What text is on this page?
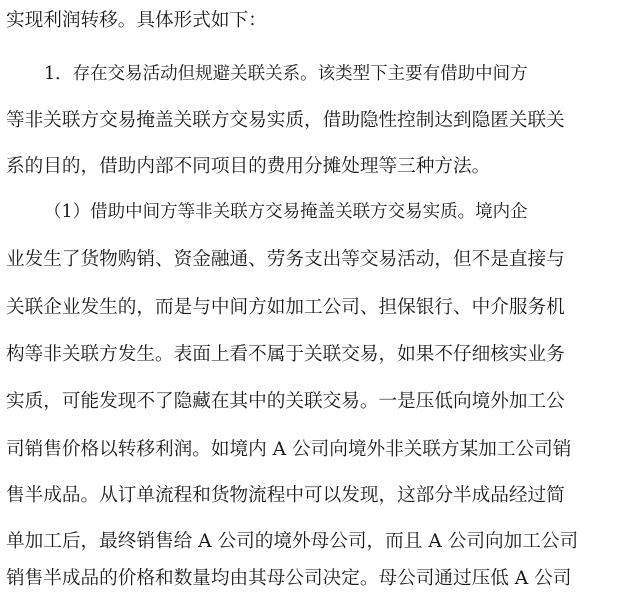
实现利润转移。具体形式如下：
1．存在交易活动但规避关联关系。该类型下主要有借助中间方
等非关联方交易掩盖关联方交易实质，借助隐性控制达到隐匿关联关
系的目的，借助内部不同项目的费用分摊处理等三种方法。
（1）借助中间方等非关联方交易掩盖关联方交易实质。境内企
业发生了货物购销、资金融通、劳务支出等交易活动，但不是直接与
关联企业发生的，而是与中间方如加工公司、担保银行、中介服务机
构等非关联方发生。表面上看不属于关联交易，如果不仔细核实业务
实质，可能发现不了隐藏在其中的关联交易。一是压低向境外加工公
司销售价格以转移利润。如境内 A 公司向境外非关联方某加工公司销
售半成品。从订单流程和货物流程中可以发现，这部分半成品经过简
单加工后，最终销售给 A 公司的境外母公司，而且 A 公司向加工公司
销售半成品的价格和数量均由其母公司决定。母公司通过压低 A 公司
